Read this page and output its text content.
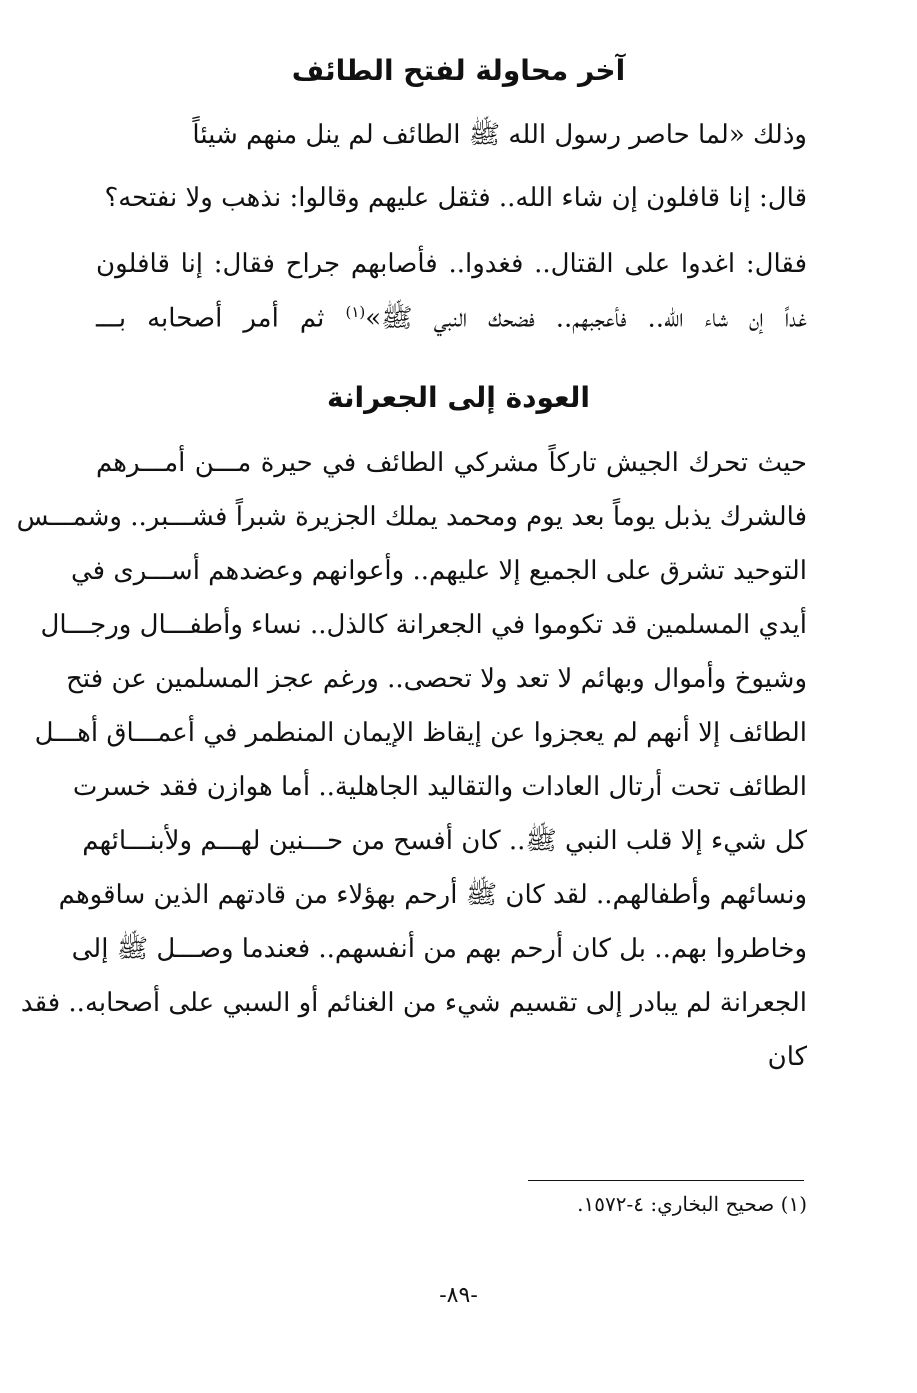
آخر محاولة لفتح الطائف

وذلك «لما حاصر رسول الله ﷺ الطائف لم ينل منهم شيئاً

قال: إنا قافلون إن شاء الله.. فثقل عليهم وقالوا: نذهب ولا نفتحه؟

فقال: اغدوا على القتال.. فغدوا.. فأصابهم جراح فقال: إنا قافلون

غداً إن شاء الله.. فأعجبهم.. فضحك النبي ﷺ»$^{(١)}$ ثم أمر أصحابه بـــ

العودة إلى الجعرانة

حيث تحرك الجيش تاركاً مشركي الطائف في حيرة مـــن أمـــرهم

فالشرك يذبل يوماً بعد يوم ومحمد يملك الجزيرة شبراً فشـــبر.. وشمـــس

التوحيد تشرق على الجميع إلا عليهم.. وأعوانهم وعضدهم أســـرى في

أيدي المسلمين قد تكوموا في الجعرانة كالذل.. نساء وأطفـــال ورجـــال

وشيوخ وأموال وبهائم لا تعد ولا تحصى.. ورغم عجز المسلمين عن فتح

الطائف إلا أنهم لم يعجزوا عن إيقاظ الإيمان المنطمر في أعمـــاق أهـــل

الطائف تحت أرتال العادات والتقاليد الجاهلية.. أما هوازن فقد خسرت

كل شيء إلا قلب النبي ﷺ.. كان أفسح من حـــنين لهـــم ولأبنـــائهم

ونسائهم وأطفالهم.. لقد كان ﷺ أرحم بهؤلاء من قادتهم الذين ساقوهم

وخاطروا بهم.. بل كان أرحم بهم من أنفسهم.. فعندما وصـــل ﷺ إلى

الجعرانة لم يبادر إلى تقسيم شيء من الغنائم أو السبي على أصحابه.. فقد

كان

(١) صحيح البخاري: ٤-١٥٧٢.

-٨٩-
